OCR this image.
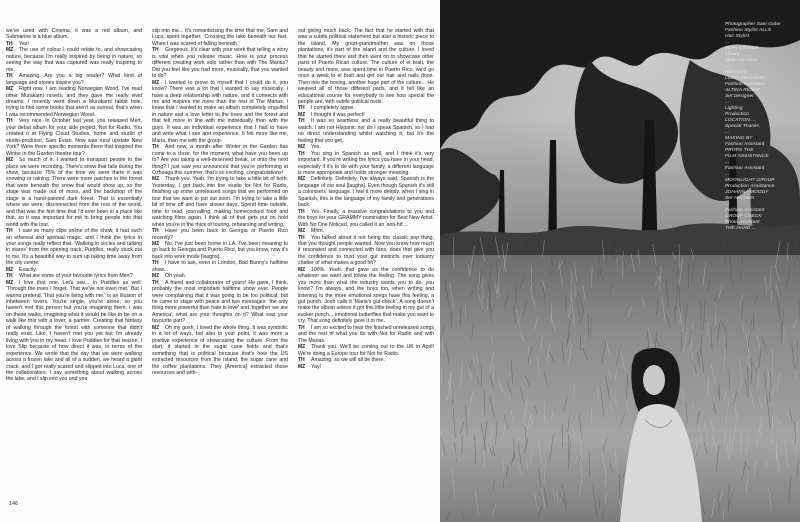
we've used with Cinema, it was a red album, and Submarine is a blue album.
TH Yes!
MZ The use of colour I could relate to, and showcasing nature, because I'm really inspired by being in nature, so seeing the way that was captured was really inspiring to me.
TH Amazing. Are you a big reader? What kind of language and stories inspire you?
MZ Right now, I am reading Norwegian Wood, I've read other Murakami novels, and they gave me really vivid dreams. I recently went down a Murakami rabbit hole, trying to find some books that aren't as surreal, that's when I was recommended Norwegian Wood.
TH Very nice. In October last year, you released Mert, your debut album for your side project, Not for Radio. You created it at Flying Cloud Studios, home and studio of studio-producer, Sam Evian. Now was rural upstate New York? Were there specific moments there that inspired the Winter in the Garden theatre tour?
MZ So much of it. I wanted to transport people to the place we were recording. There's snow that falls during the show, because 75% of the time we were there it was snowing or raining. There were more patches in the forest that were beneath the snow that would show up, so the stage was made out of moss, and the backdrop of the stage is a hand-painted dark forest. That is essentially where we were, disconnected from the rest of the world, and that was the first time that I'd ever been in a place like that, so it was important for me to bring people into that world with the tour.
TH I saw so many clips online of the show, it had such an ethereal and spiritual magic, and I think the lyrics in your songs really reflect that. 'Walking in circles and talking in stares' from the opening track, Puddles, really stuck out to me. It's a beautiful way to sum up taking time away from the city centre.
MZ Exactly.
TH What are some of your favourite lyrics from Mert?
MZ I love that one. Let's see... in Puddles as well: 'Through the trees I forget. That we've not even met.' But I wanna pretend. That you're living with me.' is an illusion of inbetween lovers. You're single, you're alone, so you haven't met this person but you're imagining them. I was on these walks, imagining what it would be like to be on a walk like this with a lover, a partner. Creating that fantasy of walking through the forest with someone that didn't really exist. Like, I haven't met you yet but I'm already living with you in my head. I love Puddles for that reason. I love Slip because of how direct it was, in terms of the experience. We wrote that the day that we were walking across a frozen lake and all of a sudden, we heard a giant crack, and I got really scared and slipped into Luca, one of the collaborators. I say something about walking across the lake, and I slip into you and you
slip into me... It's romanticising the time that me, Sam and Luca, spent together, 'Crossing the lake beneath our feet. When I was scared of falling beneath.'
TH Gorgeous. It's clear with your work that telling a story is vital when you release music. How is your process different creating work solo rather than with The Marias? Did you feel like you had more, musically, that you wanted to do?
MZ I wanted to prove to myself that I could do it, you know? There was a lot that I wanted to say musically. I have a deep relationship with nature, and it connects with me and inspires me more than the rest of The Marias. I knew that I wanted to make an album completely engulfed in nature and a love letter to the trees and the forest and that felt more in line with me individually than with the guys. It was an individual experience that I had to have and write what I see and experience. It felt more like me, Maria, than me with the group.
TH And now, a month after Winter in the Garden has come to a close, for the moment, what have you been up to? Are you taking a well-deserved break, or onto the next thing? I just saw you announced that you're performing at Ozheaga this summer, that's so exciting, congratulations!
MZ Thank you. Yeah, I'm trying to take a little bit of both. Yesterday, I got back into the studio for Not for Radio, finishing up some unreleased songs that we performed on tour that we want to put out soon. I'm trying to take a little bit of time off and have slower days. Spend time outside, time to read, journalling, making homecooked food and watching films again. I think all of that gets put on hold when you're in the thick of touring, rehearsing and writing.
TH Have you been back to Georgia or Puerto Rico recently?
MZ No, I've just been home in LA. I've been meaning to go back to Georgia and Puerto Rico, but you know, now it's back into work mode [laughs].
TH I have to ask, even in London, Bad Bunny's halftime show...
MZ Oh yeah.
TH A friend and collaborator of yours! He gave, I think, probably the most important halftime show ever. People were complaining that it was going to be too political, but he came to stage with peace and two messages: 'the only thing more powerful than hate is love' and 'together we are America', what are your thoughts on it? What was your favourite part?
MZ Oh my gosh, I loved the whole thing. It was symbolic in a lot of ways, but also to your point, it was more a positive experience of showcasing the culture. From the start, it started in the sugar cane fields and that's something that is political because that's how the US extracted resources from the island, the sugar cane and the coffee plantations. They [America] extracted those resources and with-
out giving much back. The fact that he started with that was a subtle political statement but also a historic piece to the island. My great-grandmother was on those plantations, it's part of the island and the culture. I loved that he started there and then went on to showcase other parts of Puerto Rican culture. The culture of el bratí, the beauty and more, was spent time in Puerto Rico, we'd go once a week to el bratí and get our hair and nails done. Then into the boxing, another huge part of the culture... He weaved all of those different parts, and it felt like an educational course for everybody to see how special the people are, with subtle political nods.
TH I completely agree.
MZ I thought it was perfect!
TH It was so seamless and a really beautiful thing to watch. I am not Hispanic nor do I speak Spanish, so I had no direct understanding whilst watching it, but it's the feeling that you get.
MZ Yes.
TH You sing in Spanish as well, and I think it's very important. If you're writing the lyrics you have in your head, especially if it's to do with your family, a different language is more appropriate and holds stronger meaning.
MZ Definitely. Definitely. I've always said, Spanish is the language of our soul [laughs]. Even though Spanish it's still a colonisers' language. I feel it more deeply, when I sing in Spanish, this is the language of my family and generations back.
TH Yes. Finally, a massive congratulations to you and the boys for your GRAMMY nomination for Best New Artist. With No One Noticed, you called it an 'anti-hit'...
MZ Mhm.
TH You talked about it not being the classic pop thing, that you thought people wanted. Now you know how much it resonated and connected with fans, does that give you the confidence to trust your gut instincts over industry chatter of what makes a good hit?
MZ 100%. Yeah, that gave us the confidence to do whatever we want and follow the feeling. The song gives you more than what the industry wants you to do, you know? I'm always, and the boys too, when writing and listening to the more emotional songs have this feeling, a gut punch. Josh calls it 'Maria's gut-check'. A song doesn't make the album unless it got this little feeling in my gut of a sucker punch... emotional butterflies that make you want to cry. That song definitely gave it to me.
TH I am so excited to hear the finished unreleased songs and the rest of what you do with Not for Radio and with The Marias.
MZ Thank you. We'll be coming out to the UK in April! We're doing a Europe tour for Not for Radio.
TH Amazing, so we will all be there.
MZ Yay!
146
Photographer Sam Gabe
Fashion Stylist ALLS
Hair Stylist
...
MARI GRIMES
shown
Make-up Artist
...
Nail Artist
LUDO RUGGIERO
Fashion Assistant
ALTINA RIDEM
Set Designer
...
Lighting
Production
LOCATION ...
Special Thanks
...
MAKING BY
Fashion Assistant
PROPS THE
FILM ASSISTANCE
...
Fashion Assistant
...
MOONLIGHT GROUP
Production Assistance
JOHANNA MOODY
Set Assistant
...
Fashion Assistant
GROUP CHECK
Photo Assistant
THE HAND ...
